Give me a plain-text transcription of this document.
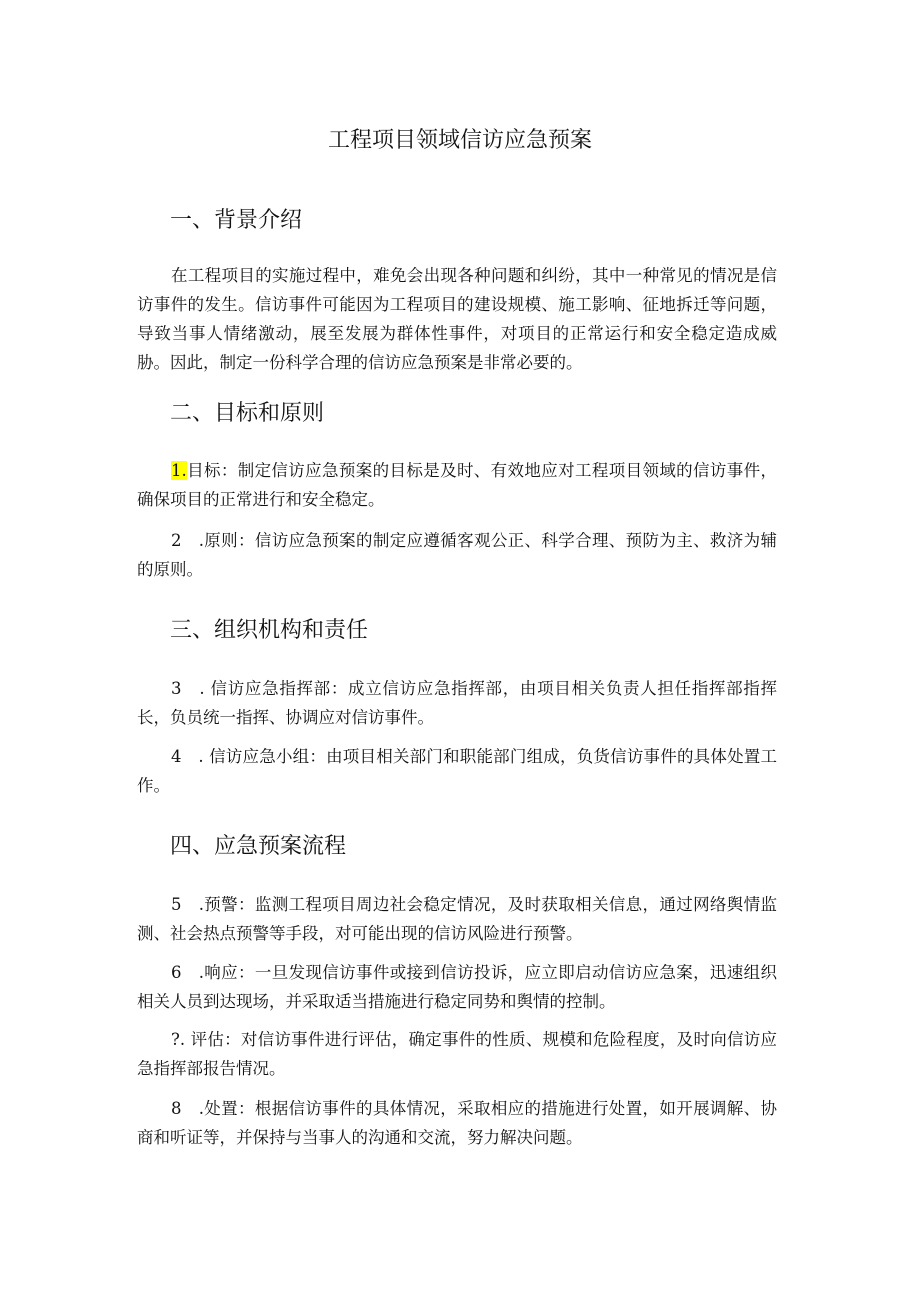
工程项目领域信访应急预案
一、背景介绍

在工程项目的实施过程中，难免会出现各种问题和纠纷，其中一种常见的情况是信访事件的发生。信访事件可能因为工程项目的建设规模、施工影响、征地拆迁等问题，导致当事人情绪激动，展至发展为群体性事件，对项目的正常运行和安全稳定造成威胁。因此，制定一份科学合理的信访应急预案是非常必要的。

二、目标和原则

1.目标：制定信访应急预案的目标是及时、有效地应对工程项目领域的信访事件，确保项目的正常进行和安全稳定。

2　.原则：信访应急预案的制定应遵循客观公正、科学合理、预防为主、救济为辅的原则。

三、组织机构和责任

3　. 信访应急指挥部：成立信访应急指挥部，由项目相关负责人担任指挥部指挥长，负员统一指挥、协调应对信访事件。

4　. 信访应急小组：由项目相关部门和职能部门组成，负货信访事件的具体处置工作。

四、应急预案流程

5　.预警：监测工程项目周边社会稳定情况，及时获取相关信息，通过网络舆情监测、社会热点预警等手段，对可能出现的信访风险进行预警。

6　.响应：一旦发现信访事件或接到信访投诉，应立即启动信访应急案，迅速组织相关人员到达现场，并采取适当措施进行稳定同势和舆情的控制。

?. 评估：对信访事件进行评估，确定事件的性质、规模和危险程度，及时向信访应急指挥部报告情况。

8　.处置：根据信访事件的具体情况，采取相应的措施进行处置，如开展调解、协商和听证等，并保持与当事人的沟通和交流，努力解决问题。
